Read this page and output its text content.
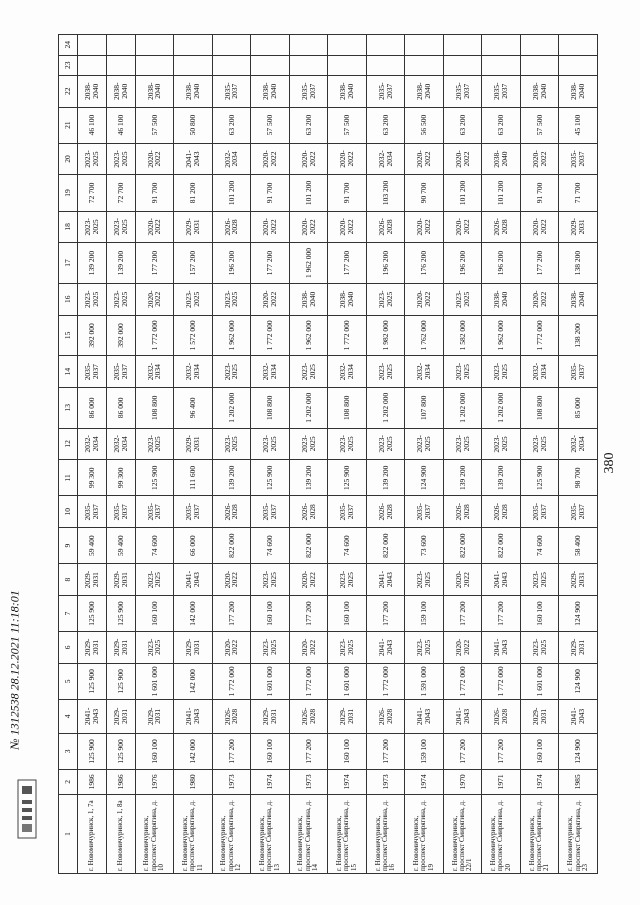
380
1	2	3	4	5	6	7	8	9	10	11	12	13	14	15	16	17	18	19	20	21	22	23	24
г. Новомичуринск, 1, 7а	1986	125 900	2041-2043	125 900	2029-2031	125 900	2029-2031	59 400	2035-2037	99 300	2032-2034	86 000	2035-2037	392 000	2023-2025	139 200	2023-2025	72 700	2023-2025	46 100	2038-2040		
г. Новомичуринск, 1, 8а	1986	125 900	2029-2031	125 900	2029-2031	125 900	2029-2031	59 400	2035-2037	99 300	2032-2034	86 000	2035-2037	392 000	2023-2025	139 200	2023-2025	72 700	2023-2025	46 100	2038-2040		
г. Новомичуринск, проспект Смирягина, д. 10	1976	160 100	2029-2031	1 601 000	2023-2025	160 100	2023-2025	74 600	2035-2037	125 900	2023-2025	108 800	2032-2034	1 772 000	2020-2022	177 200	2020-2022	91 700	2020-2022	57 500	2038-2040		
г. Новомичуринск, проспект Смирягина, д. 11	1980	142 000	2041-2043	142 000	2029-2031	142 000	2041-2043	66 000	2035-2037	111 600	2029-2031	96 400	2032-2034	1 572 000	2023-2025	157 200	2029-2031	81 200	2041-2043	50 800	2038-2040		
г. Новомичуринск, проспект Смирягина, д. 12	1973	177 200	2026-2028	1 772 000	2020-2022	177 200	2020-2022	822 000	2026-2028	139 200	2023-2025	1 202 000	2023-2025	1 962 000	2023-2025	196 200	2026-2028	101 200	2032-2034	63 200	2035-2037		
г. Новомичуринск, проспект Смирягина, д. 13	1974	160 100	2029-2031	1 601 000	2023-2025	160 100	2023-2025	74 600	2035-2037	125 900	2023-2025	108 800	2032-2034	1 772 000	2020-2022	177 200	2020-2022	91 700	2020-2022	57 500	2038-2040		
г. Новомичуринск, проспект Смирягина, д. 14	1973	177 200	2026-2028	1 772 000	2020-2022	177 200	2020-2022	822 000	2026-2028	139 200	2023-2025	1 202 000	2023-2025	1 962 000	2038-2040	1 962 000	2020-2022	101 200	2020-2022	63 200	2035-2037		
г. Новомичуринск, проспект Смирягина, д. 15	1974	160 100	2029-2031	1 601 000	2023-2025	160 100	2023-2025	74 600	2035-2037	125 900	2023-2025	108 800	2032-2034	1 772 000	2038-2040	177 200	2020-2022	91 700	2020-2022	57 500	2038-2040		
г. Новомичуринск, проспект Смирягина, д. 16	1973	177 200	2026-2028	1 772 000	2041-2043	177 200	2041-2043	822 000	2026-2028	139 200	2023-2025	1 202 000	2023-2025	1 982 000	2023-2025	196 200	2026-2028	103 200	2032-2034	63 200	2035-2037		
г. Новомичуринск, проспект Смирягина, д. 19	1974	159 100	2041-2043	1 591 000	2023-2025	159 100	2023-2025	73 600	2035-2037	124 900	2023-2025	107 800	2032-2034	1 762 000	2020-2022	176 200	2020-2022	90 700	2020-2022	56 500	2038-2040		
г. Новомичуринск, проспект Смирягина, д. 22/1	1970	177 200	2041-2043	1 772 000	2020-2022	177 200	2020-2022	822 000	2026-2028	139 200	2023-2025	1 202 000	2023-2025	1 582 000	2023-2025	196 200	2020-2022	101 200	2020-2022	63 200	2035-2037		
г. Новомичуринск, проспект Смирягина, д. 20	1971	177 200	2026-2028	1 772 000	2041-2043	177 200	2041-2043	822 000	2026-2028	139 200	2023-2025	1 202 000	2023-2025	1 962 000	2038-2040	196 200	2026-2028	101 200	2038-2040	63 200	2035-2037		
г. Новомичуринск, проспект Смирягина, д. 21	1974	160 100	2029-2031	1 601 000	2023-2025	160 100	2023-2025	74 600	2035-2037	125 900	2023-2025	108 800	2032-2034	1 772 000	2020-2022	177 200	2020-2022	91 700	2020-2022	57 500	2038-2040		
г. Новомичуринск, проспект Смирягина, д. 23	1985	124 900	2041-2043	124 900	2029-2031	124 900	2029-2031	58 400	2035-2037	98 700	2032-2034	85 000	2035-2037	138 200	2038-2040	138 200	2029-2031	71 700	2035-2037	45 100	2038-2040		
№ 1312538 28.12.2021 11:18:01
